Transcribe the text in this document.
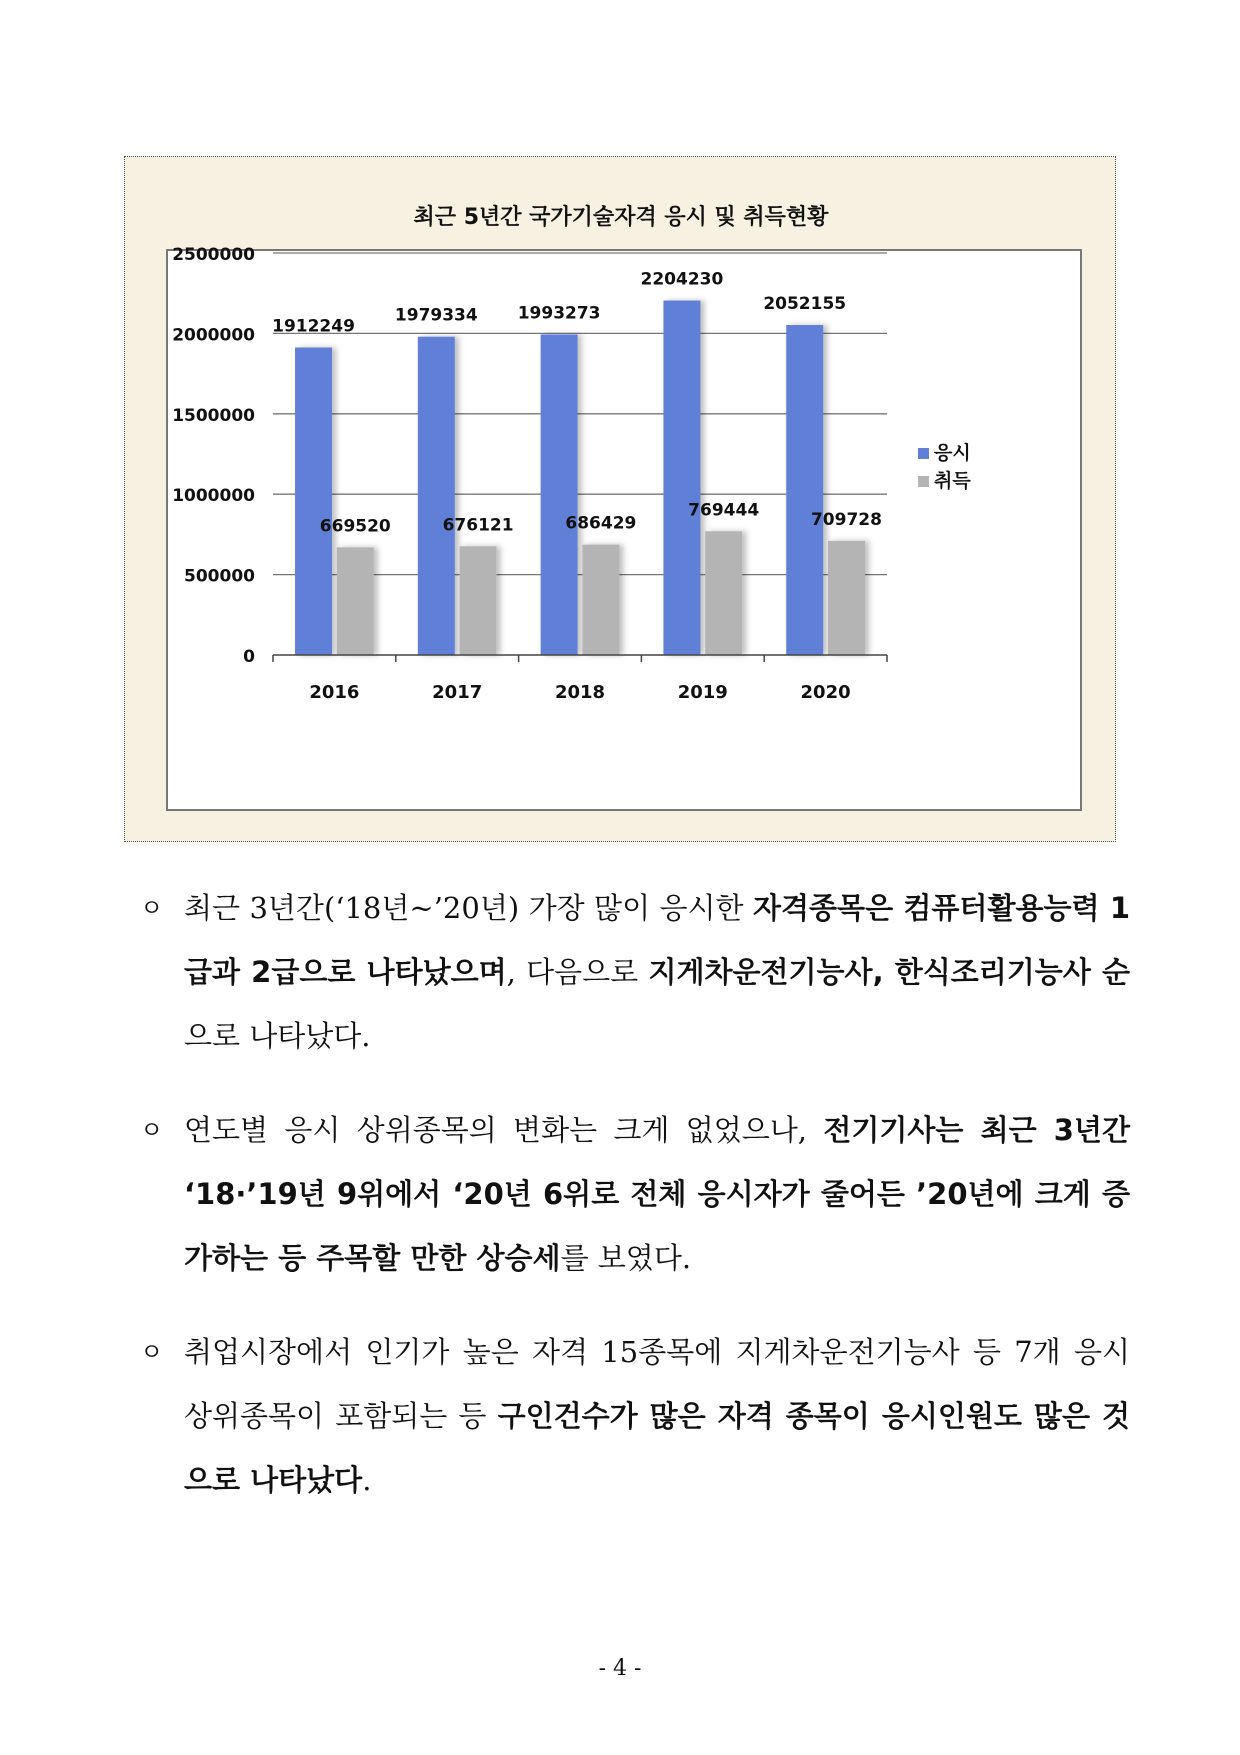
최근 5년간 국가기술자격 응시 및 취득현황
1912249
669520
1979334
676121
1993273
686429
2204230
769444
2052155
709728
0
500000
1000000
1500000
2000000
2500000
2016	2017	2018	2019	2020
응시
취득
ㅇ 최근 3년간(‘18년~’20년) 가장 많이 응시한 자격종목은 컴퓨터활용능력 1급과 2급으로 나타났으며, 다음으로 지게차운전기능사, 한식조리기능사 순으로 나타났다.
ㅇ 연도별 응시 상위종목의 변화는 크게 없었으나, 전기기사는 최근 3년간 ‘18·’19년 9위에서 ‘20년 6위로 전체 응시자가 줄어든 ’20년에 크게 증가하는 등 주목할 만한 상승세를 보였다.
ㅇ 취업시장에서 인기가 높은 자격 15종목에 지게차운전기능사 등 7개 응시 상위종목이 포함되는 등 구인건수가 많은 자격 종목이 응시인원도 많은 것으로 나타났다.
- 4 -
